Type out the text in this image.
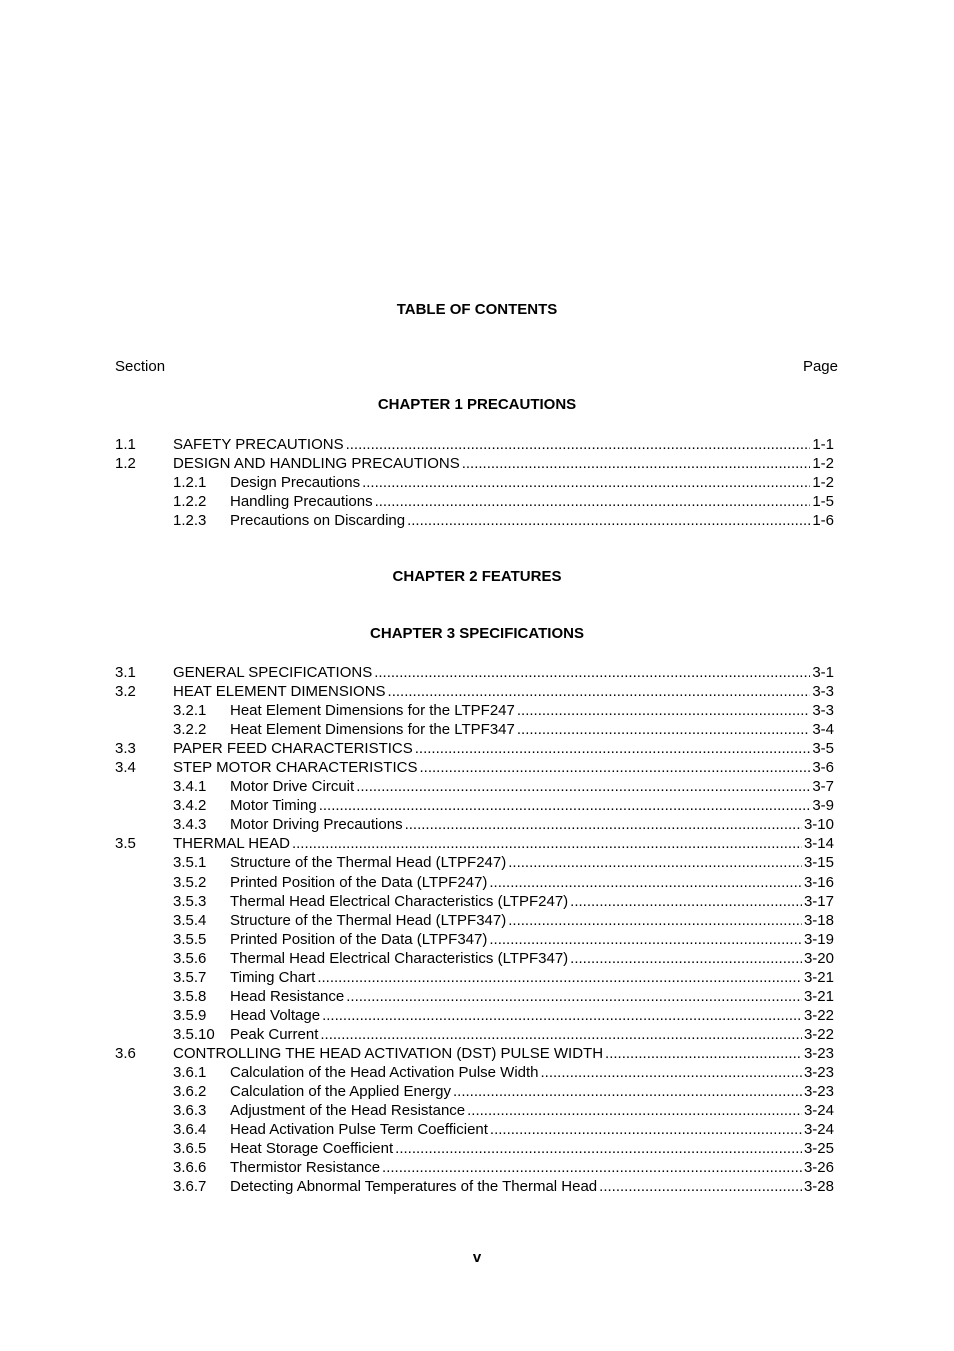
TABLE OF CONTENTS
Section	Page
CHAPTER 1 PRECAUTIONS
1.1 SAFETY PRECAUTIONS .....	1-1
1.2 DESIGN AND HANDLING PRECAUTIONS .....	1-2
1.2.1 Design Precautions .....	1-2
1.2.2 Handling Precautions .....	1-5
1.2.3 Precautions on Discarding .....	1-6
CHAPTER 2 FEATURES
CHAPTER 3 SPECIFICATIONS
3.1 GENERAL SPECIFICATIONS .....	3-1
3.2 HEAT ELEMENT DIMENSIONS .....	3-3
3.2.1 Heat Element Dimensions for the LTPF247 .....	3-3
3.2.2 Heat Element Dimensions for the LTPF347 .....	3-4
3.3 PAPER FEED CHARACTERISTICS .....	3-5
3.4 STEP MOTOR CHARACTERISTICS .....	3-6
3.4.1 Motor Drive Circuit .....	3-7
3.4.2 Motor Timing .....	3-9
3.4.3 Motor Driving Precautions .....	3-10
3.5 THERMAL HEAD .....	3-14
3.5.1 Structure of the Thermal Head (LTPF247) .....	3-15
3.5.2 Printed Position of the Data (LTPF247) .....	3-16
3.5.3 Thermal Head Electrical Characteristics (LTPF247) .....	3-17
3.5.4 Structure of the Thermal Head (LTPF347) .....	3-18
3.5.5 Printed Position of the Data (LTPF347) .....	3-19
3.5.6 Thermal Head Electrical Characteristics (LTPF347) .....	3-20
3.5.7 Timing Chart .....	3-21
3.5.8 Head Resistance .....	3-21
3.5.9 Head Voltage .....	3-22
3.5.10 Peak Current .....	3-22
3.6 CONTROLLING THE HEAD ACTIVATION (DST) PULSE WIDTH .....	3-23
3.6.1 Calculation of the Head Activation Pulse Width .....	3-23
3.6.2 Calculation of the Applied Energy .....	3-23
3.6.3 Adjustment of the Head Resistance .....	3-24
3.6.4 Head Activation Pulse Term Coefficient .....	3-24
3.6.5 Heat Storage Coefficient .....	3-25
3.6.6 Thermistor Resistance .....	3-26
3.6.7 Detecting Abnormal Temperatures of the Thermal Head .....	3-28
v
